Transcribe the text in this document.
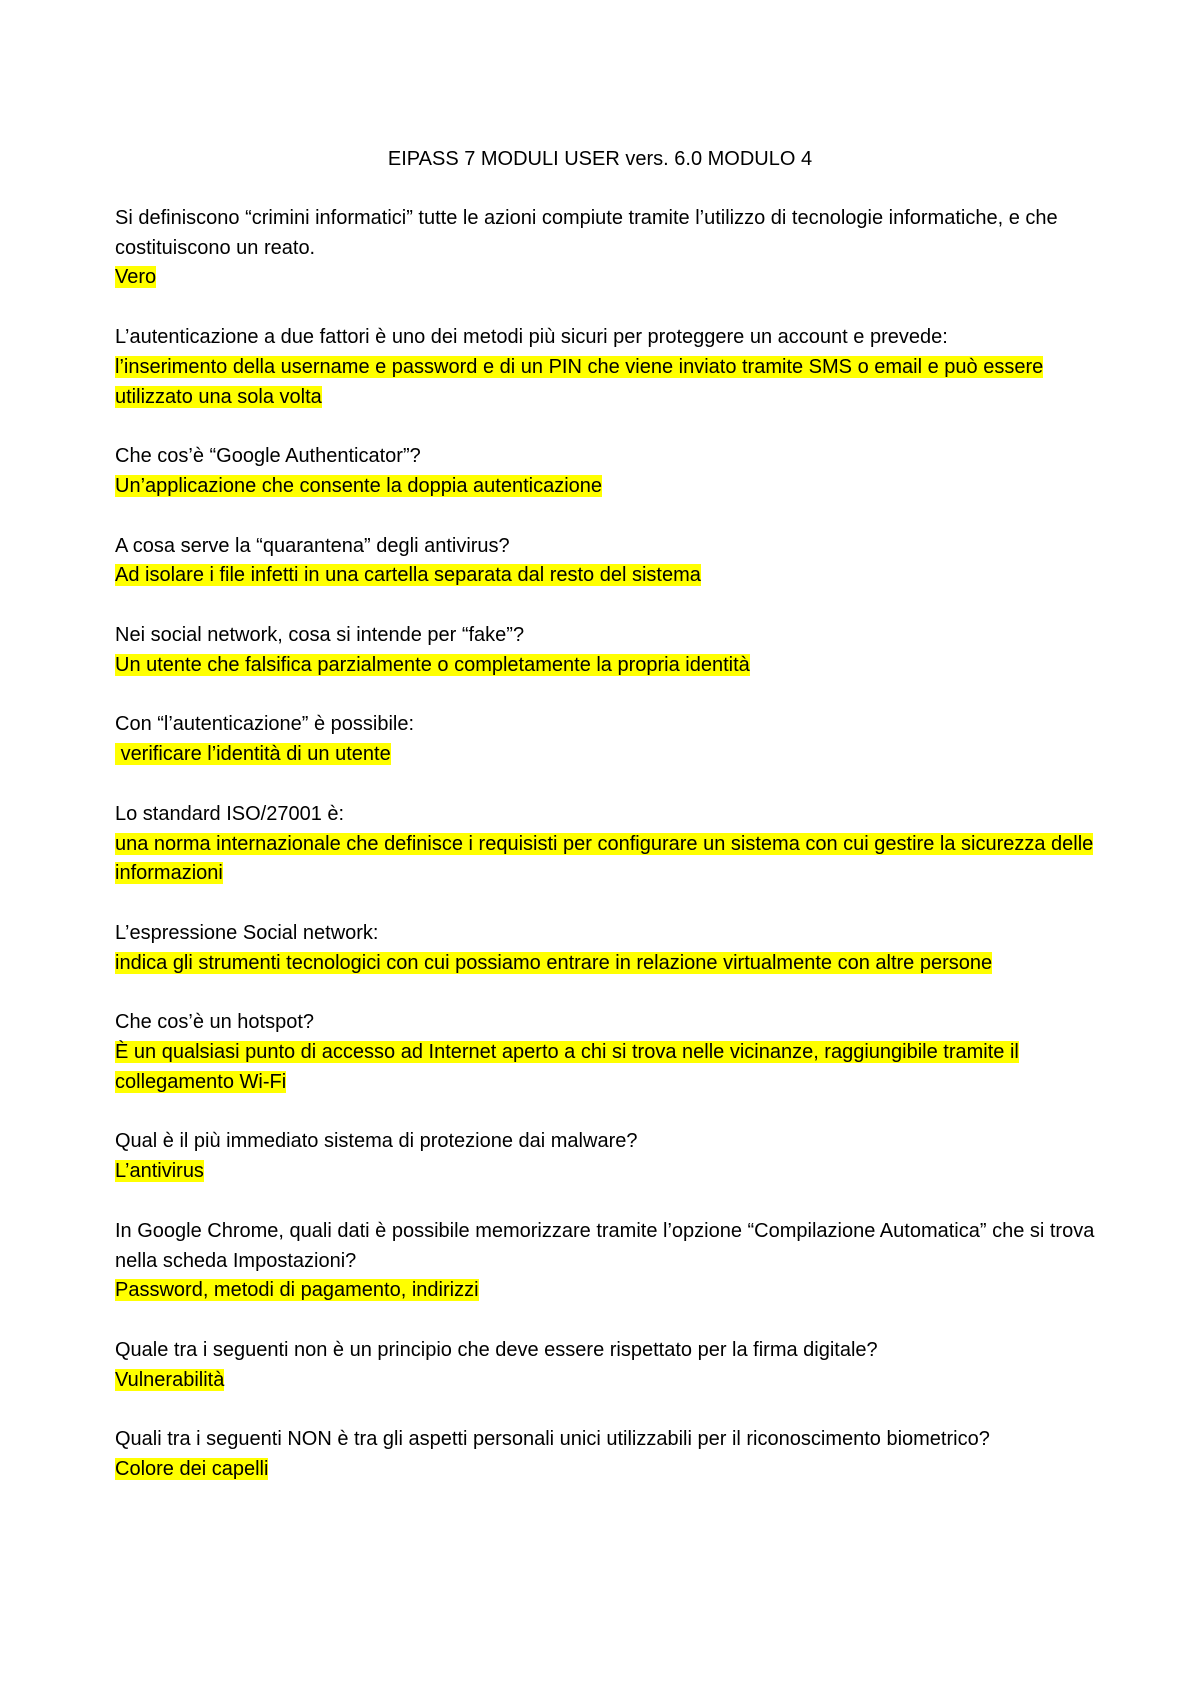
EIPASS 7 MODULI USER vers. 6.0 MODULO 4

Si definiscono “crimini informatici” tutte le azioni compiute tramite l’utilizzo di tecnologie informatiche, e che costituiscono un reato.

Vero

L’autenticazione a due fattori è uno dei metodi più sicuri per proteggere un account e prevede:

l’inserimento della username e password e di un PIN che viene inviato tramite SMS o email e può essere utilizzato una sola volta

Che cos’è “Google Authenticator”?

Un’applicazione che consente la doppia autenticazione

A cosa serve la “quarantena” degli antivirus?

Ad isolare i file infetti in una cartella separata dal resto del sistema

Nei social network, cosa si intende per “fake”?

Un utente che falsifica parzialmente o completamente la propria identità

Con “l’autenticazione” è possibile:

verificare l’identità di un utente

Lo standard ISO/27001 è:

una norma internazionale che definisce i requisisti per configurare un sistema con cui gestire la sicurezza delle informazioni

L’espressione Social network:

indica gli strumenti tecnologici con cui possiamo entrare in relazione virtualmente con altre persone

Che cos’è un hotspot?

È un qualsiasi punto di accesso ad Internet aperto a chi si trova nelle vicinanze, raggiungibile tramite il collegamento Wi-Fi

Qual è il più immediato sistema di protezione dai malware?

L’antivirus

In Google Chrome, quali dati è possibile memorizzare tramite l’opzione “Compilazione Automatica” che si trova nella scheda Impostazioni?

Password, metodi di pagamento, indirizzi

Quale tra i seguenti non è un principio che deve essere rispettato per la firma digitale?

Vulnerabilità

Quali tra i seguenti NON è tra gli aspetti personali unici utilizzabili per il riconoscimento biometrico?

Colore dei capelli
